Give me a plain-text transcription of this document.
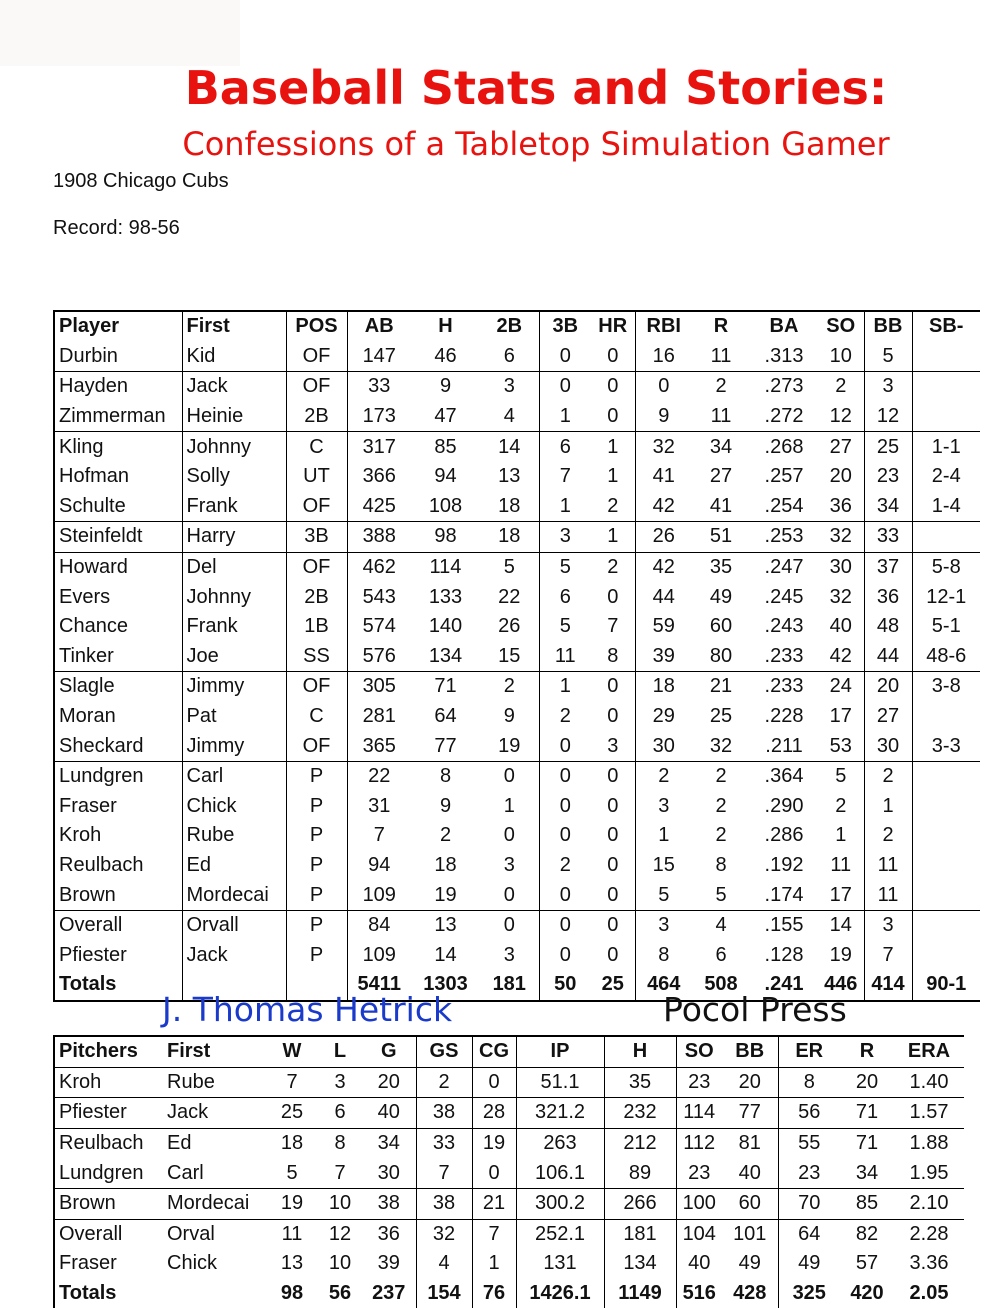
Baseball Stats and Stories:
Confessions of a Tabletop Simulation Gamer
1908 Chicago Cubs
Record: 98-56
Player	First	POS	AB	H	2B	3B	HR	RBI	R	BA	SO	BB	SB-
Durbin	Kid	OF	147	46	6	0	0	16	11	.313	10	5	
Hayden	Jack	OF	33	9	3	0	0	0	2	.273	2	3	
Zimmerman	Heinie	2B	173	47	4	1	0	9	11	.272	12	12	
Kling	Johnny	C	317	85	14	6	1	32	34	.268	27	25	1-1
Hofman	Solly	UT	366	94	13	7	1	41	27	.257	20	23	2-4
Schulte	Frank	OF	425	108	18	1	2	42	41	.254	36	34	1-4
Steinfeldt	Harry	3B	388	98	18	3	1	26	51	.253	32	33	
Howard	Del	OF	462	114	5	5	2	42	35	.247	30	37	5-8
Evers	Johnny	2B	543	133	22	6	0	44	49	.245	32	36	12-1
Chance	Frank	1B	574	140	26	5	7	59	60	.243	40	48	5-1
Tinker	Joe	SS	576	134	15	11	8	39	80	.233	42	44	48-6
Slagle	Jimmy	OF	305	71	2	1	0	18	21	.233	24	20	3-8
Moran	Pat	C	281	64	9	2	0	29	25	.228	17	27	
Sheckard	Jimmy	OF	365	77	19	0	3	30	32	.211	53	30	3-3
Lundgren	Carl	P	22	8	0	0	0	2	2	.364	5	2	
Fraser	Chick	P	31	9	1	0	0	3	2	.290	2	1	
Kroh	Rube	P	7	2	0	0	0	1	2	.286	1	2	
Reulbach	Ed	P	94	18	3	2	0	15	8	.192	11	11	
Brown	Mordecai	P	109	19	0	0	0	5	5	.174	17	11	
Overall	Orvall	P	84	13	0	0	0	3	4	.155	14	3	
Pfiester	Jack	P	109	14	3	0	0	8	6	.128	19	7	
Totals			5411	1303	181	50	25	464	508	.241	446	414	90-1
J. Thomas Hetrick	Pocol Press
Pitchers	First	W	L	G	GS	CG	IP	H	SO	BB	ER	R	ERA
Kroh	Rube	7	3	20	2	0	51.1	35	23	20	8	20	1.40
Pfiester	Jack	25	6	40	38	28	321.2	232	114	77	56	71	1.57
Reulbach	Ed	18	8	34	33	19	263	212	112	81	55	71	1.88
Lundgren	Carl	5	7	30	7	0	106.1	89	23	40	23	34	1.95
Brown	Mordecai	19	10	38	38	21	300.2	266	100	60	70	85	2.10
Overall	Orval	11	12	36	32	7	252.1	181	104	101	64	82	2.28
Fraser	Chick	13	10	39	4	1	131	134	40	49	49	57	3.36
Totals		98	56	237	154	76	1426.1	1149	516	428	325	420	2.05
